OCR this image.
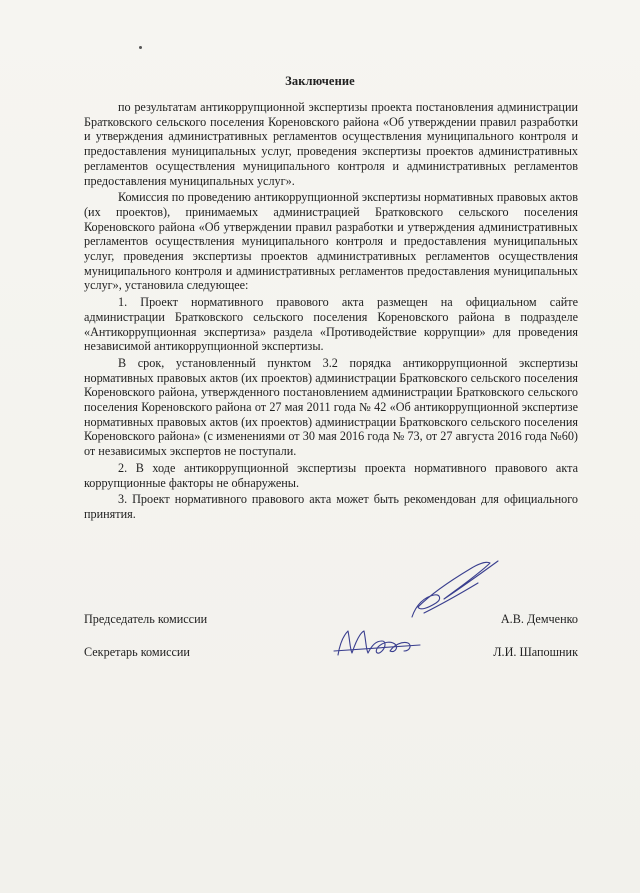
Заключение

по результатам антикоррупционной экспертизы проекта постановления администрации Братковского сельского поселения Кореновского района «Об утверждении правил разработки и утверждения административных регламентов осуществления муниципального контроля и предоставления муниципальных услуг, проведения экспертизы проектов административных регламентов осуществления муниципального контроля и административных регламентов предоставления муниципальных услуг».

Комиссия по проведению антикоррупционной экспертизы нормативных правовых актов (их проектов), принимаемых администрацией Братковского сельского поселения Кореновского района «Об утверждении правил разработки и утверждения административных регламентов осуществления муниципального контроля и предоставления муниципальных услуг, проведения экспертизы проектов административных регламентов осуществления муниципального контроля и административных регламентов предоставления муниципальных услуг», установила следующее:

1. Проект нормативного правового акта размещен на официальном сайте администрации Братковского сельского поселения Кореновского района в подразделе «Антикоррупционная экспертиза» раздела «Противодействие коррупции» для проведения независимой антикоррупционной экспертизы.

В срок, установленный пунктом 3.2 порядка антикоррупционной экспертизы нормативных правовых актов (их проектов) администрации Братковского сельского поселения Кореновского района, утвержденного постановлением администрации Братковского сельского поселения Кореновского района от 27 мая 2011 года № 42 «Об антикоррупционной экспертизе нормативных правовых актов (их проектов) администрации Братковского сельского поселения Кореновского района» (с изменениями от 30 мая 2016 года № 73, от 27 августа 2016 года №60) от независимых экспертов не поступали.

2. В ходе антикоррупционной экспертизы проекта нормативного правового акта коррупционные факторы не обнаружены.

3. Проект нормативного правового акта может быть рекомендован для официального принятия.

Председатель комиссии	А.В. Демченко
Секретарь комиссии	Л.И. Шапошник
